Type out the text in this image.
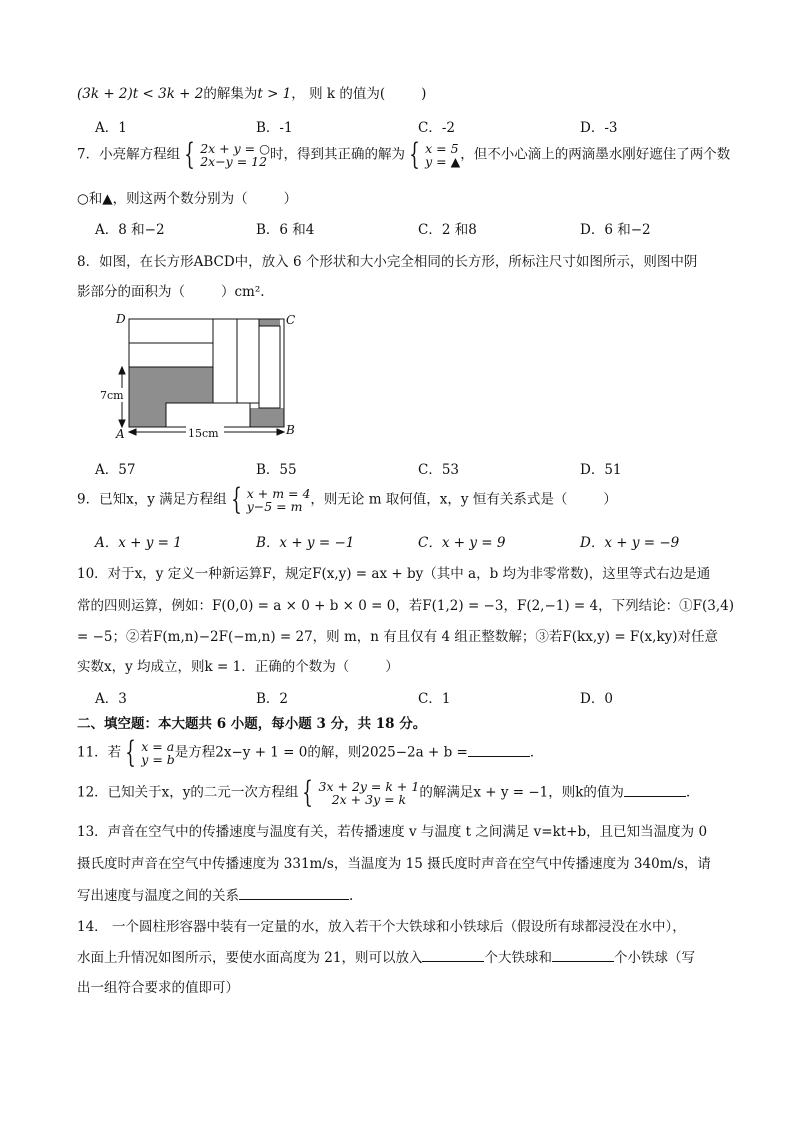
(3k + 2)t < 3k + 2的解集为t > 1， 则 k 的值为(	)
A．1	B．-1	C．-2	D．-3
7．小亮解方程组 { 2x + y = ○
2x−y = 12 时，得到其正确的解为 { x = 5
y = ▲ ，但不小心滴上的两滴墨水刚好遮住了两个数
○和▲，则这两个数分别为（	）
A．8 和−2	B．6 和4	C．2 和8	D．6 和−2
8．如图，在长方形ABCD中，放入 6 个形状和大小完全相同的长方形，所标注尺寸如图所示，则图中阴
影部分的面积为（	）cm².
D	C
A	B
7cm
15cm
A．57	B．55	C．53	D．51
9．已知x，y 满足方程组 { x + m = 4
y−5 = m ，则无论 m 取何值，x，y 恒有关系式是（	）
A．x + y = 1	B．x + y = −1	C．x + y = 9	D．x + y = −9
10．对于x，y 定义一种新运算F，规定F(x,y) = ax + by（其中 a，b 均为非零常数)，这里等式右边是通
常的四则运算，例如：F(0,0) = a × 0 + b × 0 = 0，若F(1,2) = −3，F(2,−1) = 4，下列结论：①F(3,4)
= −5；②若F(m,n)−2F(−m,n) = 27，则 m，n 有且仅有 4 组正整数解；③若F(kx,y) = F(x,ky)对任意
实数x，y 均成立，则k = 1．正确的个数为（	）
A．3	B．2	C．1	D．0
二、填空题：本大题共 6 小题，每小题 3 分，共 18 分。
11．若 { x = a
y = b 是方程2x−y + 1 = 0的解，则2025−2a + b =	．
12．已知关于x，y的二元一次方程组 { 3x + 2y = k + 1
2x + 3y = k 的解满足x + y = −1，则k的值为	．
13．声音在空气中的传播速度与温度有关，若传播速度 v 与温度 t 之间满足 v=kt+b，且已知当温度为 0
摄氏度时声音在空气中传播速度为 331m/s，当温度为 15 摄氏度时声音在空气中传播速度为 340m/s，请
写出速度与温度之间的关系	.
14． 一个圆柱形容器中装有一定量的水，放入若干个大铁球和小铁球后（假设所有球都浸没在水中），
水面上升情况如图所示，要使水面高度为 21，则可以放入	个大铁球和	个小铁球（写
出一组符合要求的值即可）
